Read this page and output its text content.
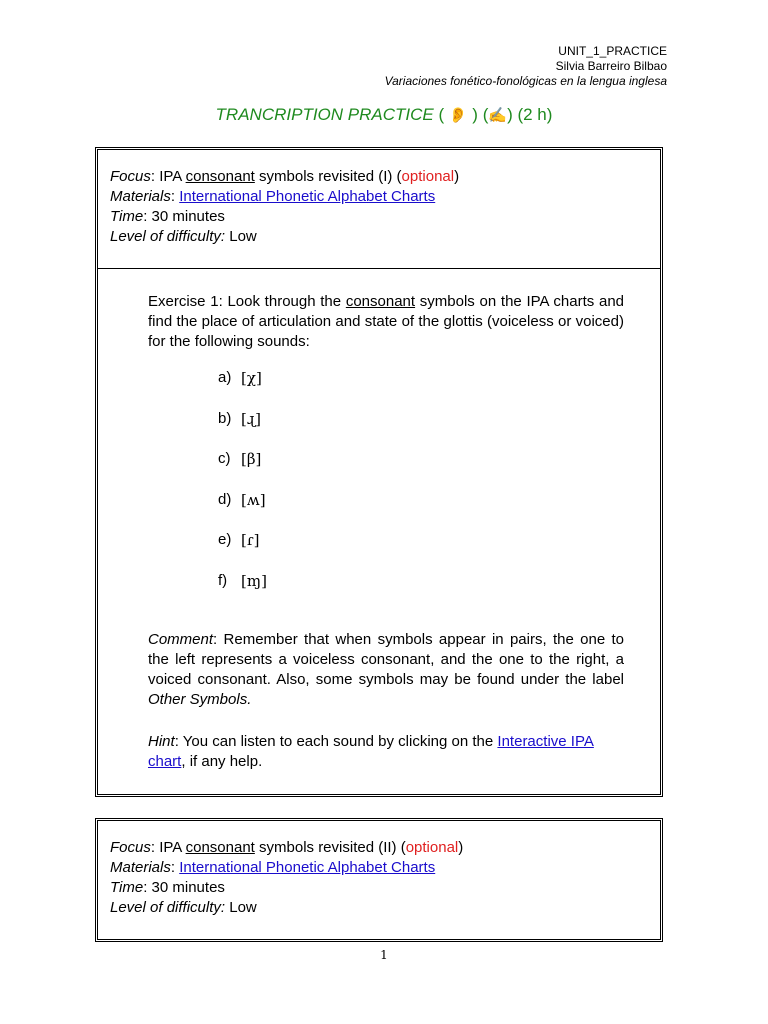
UNIT_1_PRACTICE
Silvia Barreiro Bilbao
Variaciones fonético-fonológicas en la lengua inglesa
TRANCRIPTION PRACTICE ( 👂 ) (✍) (2 h)
Focus: IPA consonant symbols revisited (I) (optional)
Materials: International Phonetic Alphabet Charts
Time: 30 minutes
Level of difficulty: Low
Exercise 1: Look through the consonant symbols on the IPA charts and find the place of articulation and state of the glottis (voiceless or voiced) for the following sounds:
a) [χ]
b) [ɻ]
c) [β]
d) [ʍ]
e) [ɾ]
f) [ɱ]
Comment: Remember that when symbols appear in pairs, the one to the left represents a voiceless consonant, and the one to the right, a voiced consonant. Also, some symbols may be found under the label Other Symbols.
Hint: You can listen to each sound by clicking on the Interactive IPA chart, if any help.
Focus: IPA consonant symbols revisited (II) (optional)
Materials: International Phonetic Alphabet Charts
Time: 30 minutes
Level of difficulty: Low
1
